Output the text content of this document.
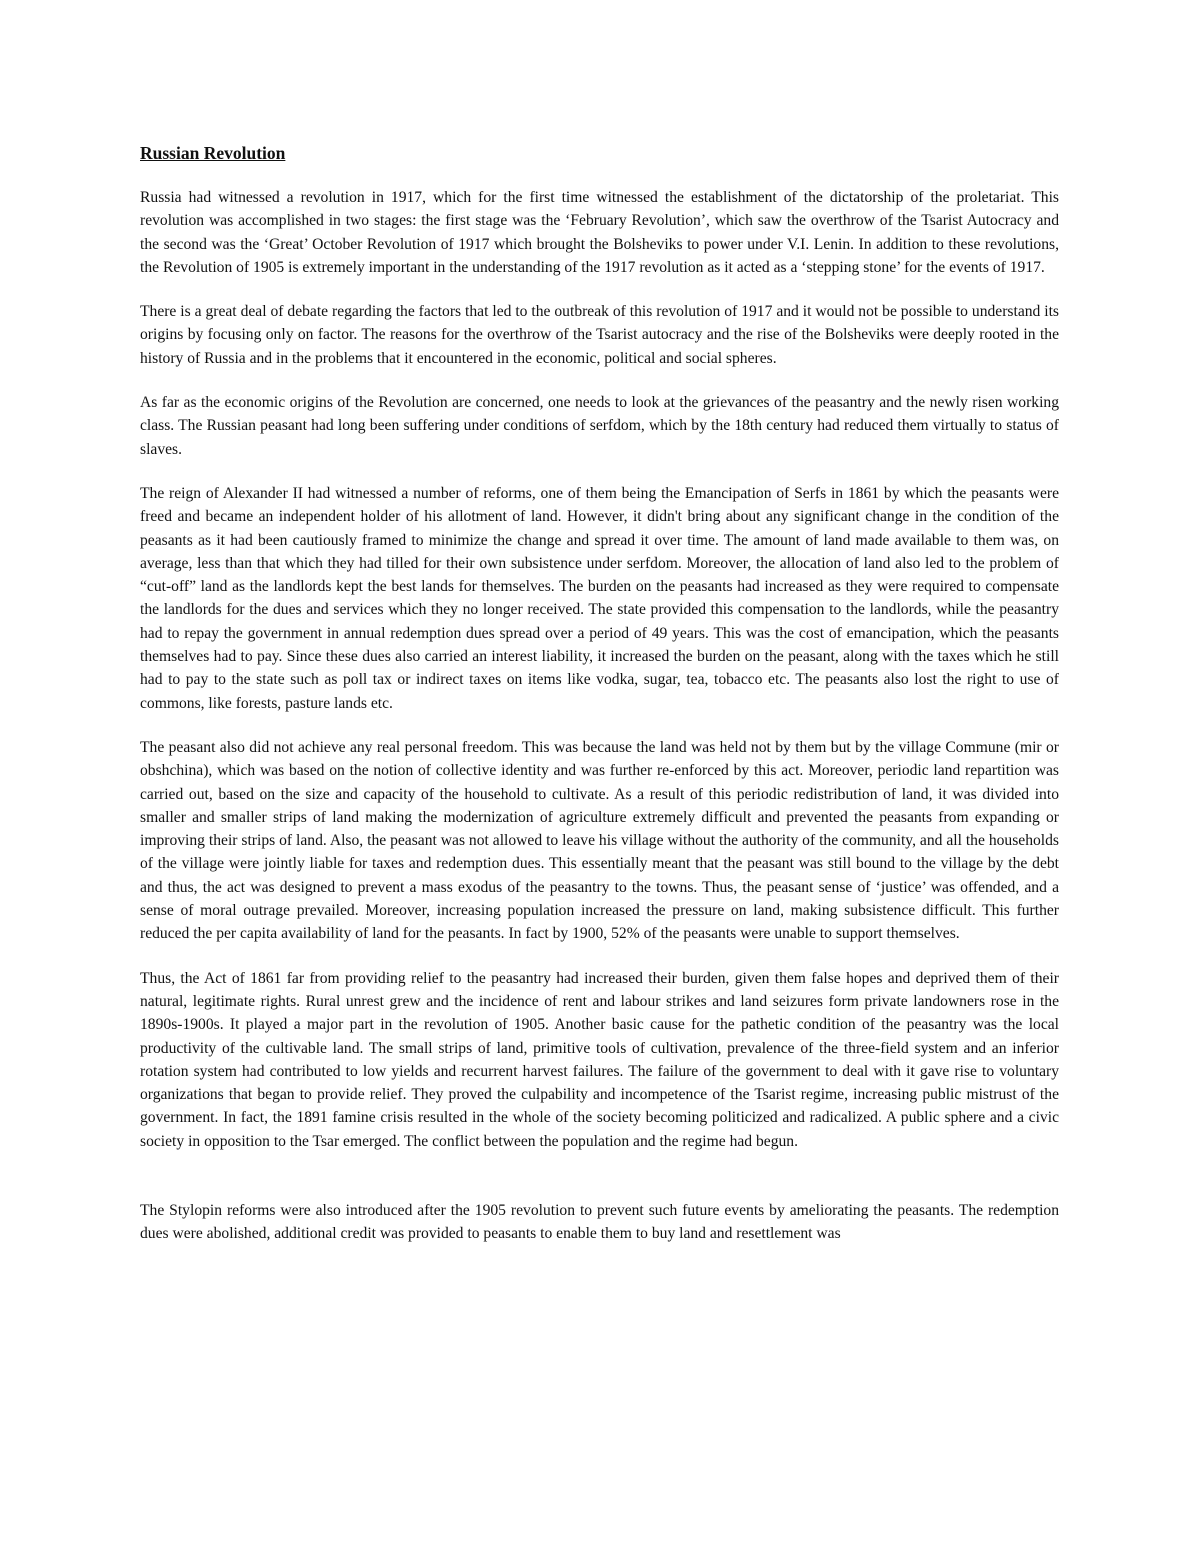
Russian Revolution

Russia had witnessed a revolution in 1917, which for the first time witnessed the establishment of the dictatorship of the proletariat. This revolution was accomplished in two stages: the first stage was the ‘February Revolution’, which saw the overthrow of the Tsarist Autocracy and the second was the ‘Great’ October Revolution of 1917 which brought the Bolsheviks to power under V.I. Lenin. In addition to these revolutions, the Revolution of 1905 is extremely important in the understanding of the 1917 revolution as it acted as a ‘stepping stone’ for the events of 1917.

There is a great deal of debate regarding the factors that led to the outbreak of this revolution of 1917 and it would not be possible to understand its origins by focusing only on factor. The reasons for the overthrow of the Tsarist autocracy and the rise of the Bolsheviks were deeply rooted in the history of Russia and in the problems that it encountered in the economic, political and social spheres.

As far as the economic origins of the Revolution are concerned, one needs to look at the grievances of the peasantry and the newly risen working class. The Russian peasant had long been suffering under conditions of serfdom, which by the 18th century had reduced them virtually to status of slaves.

The reign of Alexander II had witnessed a number of reforms, one of them being the Emancipation of Serfs in 1861 by which the peasants were freed and became an independent holder of his allotment of land. However, it didn't bring about any significant change in the condition of the peasants as it had been cautiously framed to minimize the change and spread it over time. The amount of land made available to them was, on average, less than that which they had tilled for their own subsistence under serfdom. Moreover, the allocation of land also led to the problem of “cut-off” land as the landlords kept the best lands for themselves. The burden on the peasants had increased as they were required to compensate the landlords for the dues and services which they no longer received. The state provided this compensation to the landlords, while the peasantry had to repay the government in annual redemption dues spread over a period of 49 years. This was the cost of emancipation, which the peasants themselves had to pay. Since these dues also carried an interest liability, it increased the burden on the peasant, along with the taxes which he still had to pay to the state such as poll tax or indirect taxes on items like vodka, sugar, tea, tobacco etc. The peasants also lost the right to use of commons, like forests, pasture lands etc.

The peasant also did not achieve any real personal freedom. This was because the land was held not by them but by the village Commune (mir or obshchina), which was based on the notion of collective identity and was further re-enforced by this act. Moreover, periodic land repartition was carried out, based on the size and capacity of the household to cultivate. As a result of this periodic redistribution of land, it was divided into smaller and smaller strips of land making the modernization of agriculture extremely difficult and prevented the peasants from expanding or improving their strips of land. Also, the peasant was not allowed to leave his village without the authority of the community, and all the households of the village were jointly liable for taxes and redemption dues. This essentially meant that the peasant was still bound to the village by the debt and thus, the act was designed to prevent a mass exodus of the peasantry to the towns. Thus, the peasant sense of ‘justice’ was offended, and a sense of moral outrage prevailed. Moreover, increasing population increased the pressure on land, making subsistence difficult. This further reduced the per capita availability of land for the peasants. In fact by 1900, 52% of the peasants were unable to support themselves.

Thus, the Act of 1861 far from providing relief to the peasantry had increased their burden, given them false hopes and deprived them of their natural, legitimate rights. Rural unrest grew and the incidence of rent and labour strikes and land seizures form private landowners rose in the 1890s-1900s. It played a major part in the revolution of 1905. Another basic cause for the pathetic condition of the peasantry was the local productivity of the cultivable land. The small strips of land, primitive tools of cultivation, prevalence of the three-field system and an inferior rotation system had contributed to low yields and recurrent harvest failures. The failure of the government to deal with it gave rise to voluntary organizations that began to provide relief. They proved the culpability and incompetence of the Tsarist regime, increasing public mistrust of the government. In fact, the 1891 famine crisis resulted in the whole of the society becoming politicized and radicalized. A public sphere and a civic society in opposition to the Tsar emerged. The conflict between the population and the regime had begun.

The Stylopin reforms were also introduced after the 1905 revolution to prevent such future events by ameliorating the peasants. The redemption dues were abolished, additional credit was provided to peasants to enable them to buy land and resettlement was
